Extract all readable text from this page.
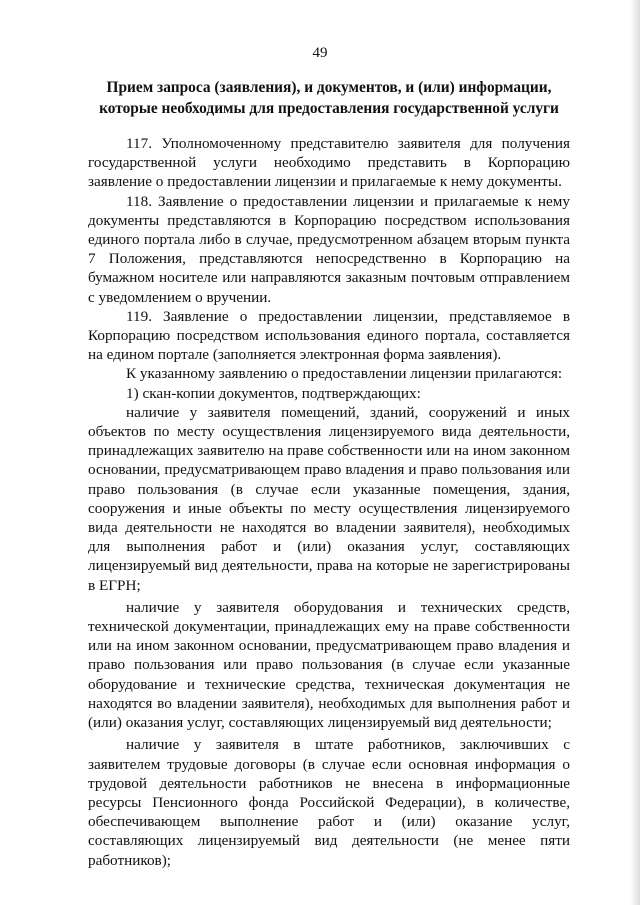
49
Прием запроса (заявления), и документов, и (или) информации,
которые необходимы для предоставления государственной услуги

117. Уполномоченному представителю заявителя для получения государственной услуги необходимо представить в Корпорацию заявление о предоставлении лицензии и прилагаемые к нему документы.

118. Заявление о предоставлении лицензии и прилагаемые к нему документы представляются в Корпорацию посредством использования единого портала либо в случае, предусмотренном абзацем вторым пункта 7 Положения, представляются непосредственно в Корпорацию на бумажном носителе или направляются заказным почтовым отправлением с уведомлением о вручении.

119. Заявление о предоставлении лицензии, представляемое в Корпорацию посредством использования единого портала, составляется на едином портале (заполняется электронная форма заявления).

К указанному заявлению о предоставлении лицензии прилагаются:

1) скан-копии документов, подтверждающих:

наличие у заявителя помещений, зданий, сооружений и иных объектов по месту осуществления лицензируемого вида деятельности, принадлежащих заявителю на праве собственности или на ином законном основании, предусматривающем право владения и право пользования или право пользования (в случае если указанные помещения, здания, сооружения и иные объекты по месту осуществления лицензируемого вида деятельности не находятся во владении заявителя), необходимых для выполнения работ и (или) оказания услуг, составляющих лицензируемый вид деятельности, права на которые не зарегистрированы в ЕГРН;

наличие у заявителя оборудования и технических средств, технической документации, принадлежащих ему на праве собственности или на ином законном основании, предусматривающем право владения и право пользования или право пользования (в случае если указанные оборудование и технические средства, техническая документация не находятся во владении заявителя), необходимых для выполнения работ и (или) оказания услуг, составляющих лицензируемый вид деятельности;

наличие у заявителя в штате работников, заключивших с заявителем трудовые договоры (в случае если основная информация о трудовой деятельности работников не внесена в информационные ресурсы Пенсионного фонда Российской Федерации), в количестве, обеспечивающем выполнение работ и (или) оказание услуг, составляющих лицензируемый вид деятельности (не менее пяти работников);
